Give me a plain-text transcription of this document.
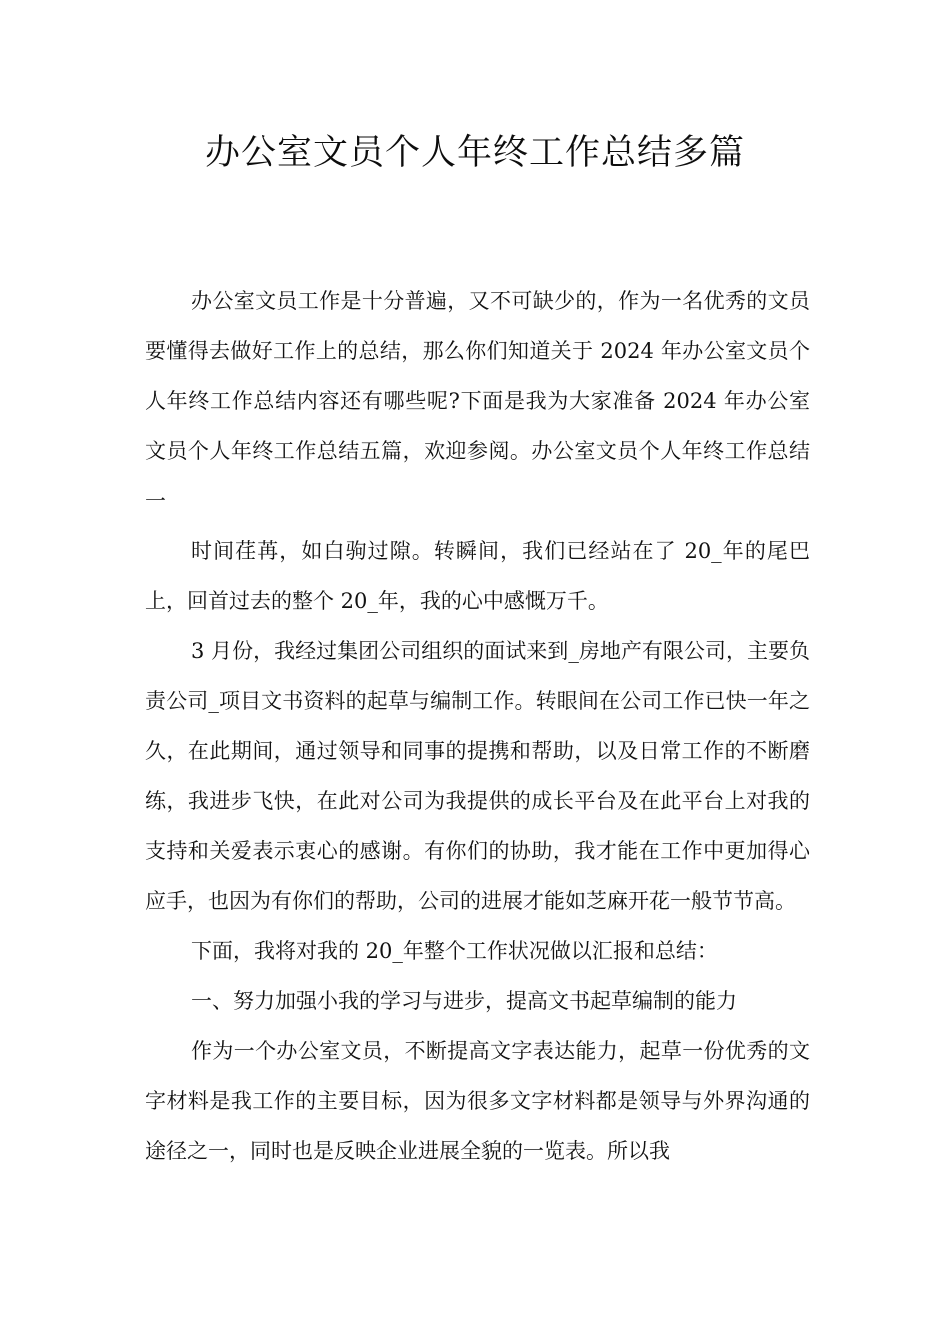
办公室文员个人年终工作总结多篇

办公室文员工作是十分普遍，又不可缺少的，作为一名优秀的文员要懂得去做好工作上的总结，那么你们知道关于 2024 年办公室文员个人年终工作总结内容还有哪些呢?下面是我为大家准备 2024 年办公室文员个人年终工作总结五篇，欢迎参阅。办公室文员个人年终工作总结一

时间荏苒，如白驹过隙。转瞬间，我们已经站在了 20_年的尾巴上，回首过去的整个 20_年，我的心中感慨万千。

3 月份，我经过集团公司组织的面试来到_房地产有限公司，主要负责公司_项目文书资料的起草与编制工作。转眼间在公司工作已快一年之久，在此期间，通过领导和同事的提携和帮助，以及日常工作的不断磨练，我进步飞快，在此对公司为我提供的成长平台及在此平台上对我的支持和关爱表示衷心的感谢。有你们的协助，我才能在工作中更加得心应手，也因为有你们的帮助，公司的进展才能如芝麻开花一般节节高。

下面，我将对我的 20_年整个工作状况做以汇报和总结：

一、努力加强小我的学习与进步，提高文书起草编制的能力

作为一个办公室文员，不断提高文字表达能力，起草一份优秀的文字材料是我工作的主要目标，因为很多文字材料都是领导与外界沟通的途径之一，同时也是反映企业进展全貌的一览表。所以我
